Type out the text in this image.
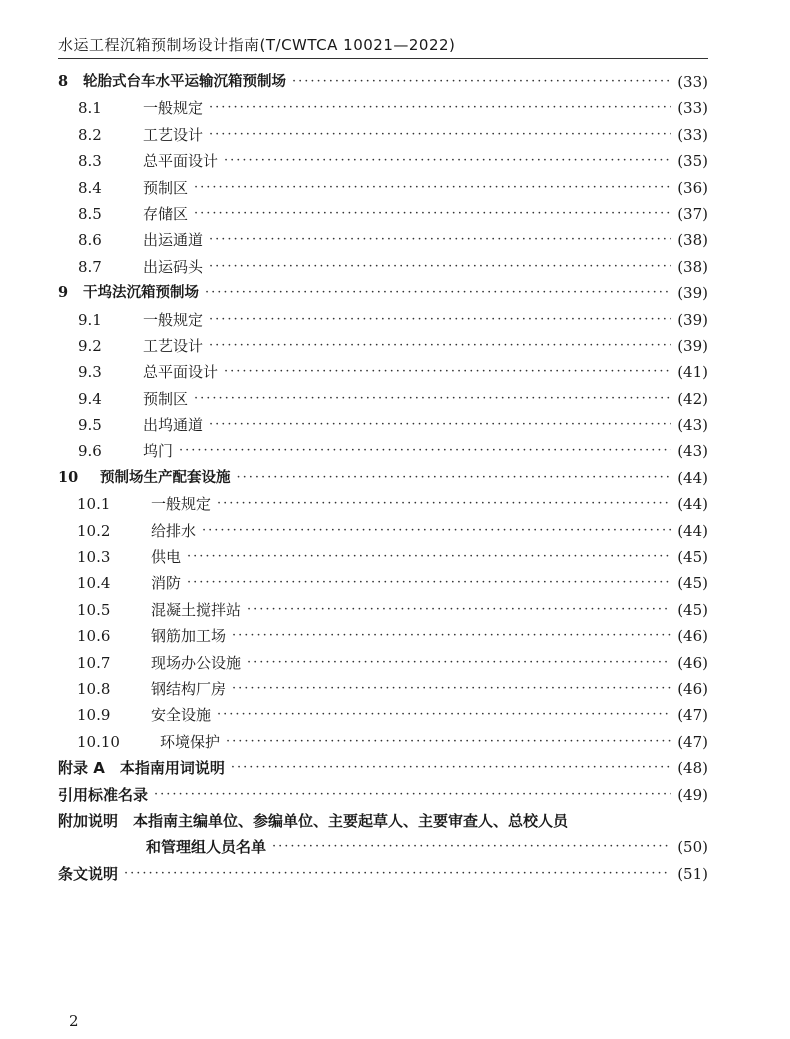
水运工程沉箱预制场设计指南(T/CWTCA 10021—2022)
8	轮胎式台车水平运输沉箱预制场 ·····	(33)
8.1	一般规定 ·····	(33)
8.2	工艺设计 ·····	(33)
8.3	总平面设计 ·····	(35)
8.4	预制区 ·····	(36)
8.5	存储区 ·····	(37)
8.6	出运通道 ·····	(38)
8.7	出运码头 ·····	(38)
9	干坞法沉箱预制场 ·····	(39)
9.1	一般规定 ·····	(39)
9.2	工艺设计 ·····	(39)
9.3	总平面设计 ·····	(41)
9.4	预制区 ·····	(42)
9.5	出坞通道 ·····	(43)
9.6	坞门 ·····	(43)
10	预制场生产配套设施 ·····	(44)
10.1	一般规定 ·····	(44)
10.2	给排水 ·····	(44)
10.3	供电 ·····	(45)
10.4	消防 ·····	(45)
10.5	混凝土搅拌站 ·····	(45)
10.6	钢筋加工场 ·····	(46)
10.7	现场办公设施 ·····	(46)
10.8	钢结构厂房 ·····	(46)
10.9	安全设施 ·····	(47)
10.10	环境保护 ·····	(47)
附录 A　本指南用词说明 ·····	(48)
引用标准名录 ·····	(49)
附加说明　本指南主编单位、参编单位、主要起草人、主要审查人、总校人员
和管理组人员名单 ·····	(50)
条文说明 ·····	(51)
2
